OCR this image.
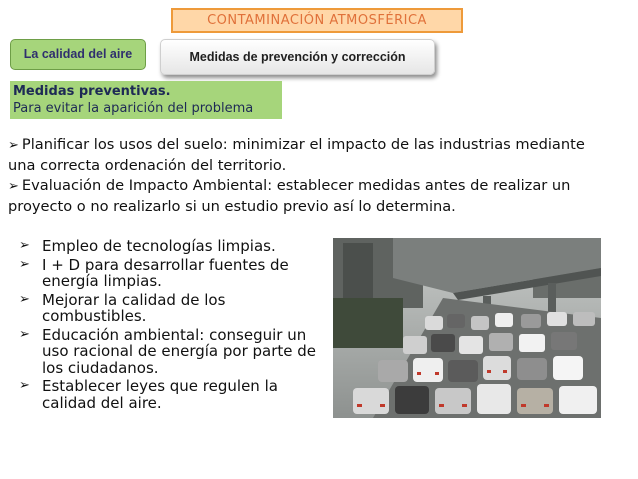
CONTAMINACIÓN ATMOSFÉRICA
La calidad del aire	Medidas de prevención y corrección
Medidas preventivas.
Para evitar la aparición del problema
➢ Planificar los usos del suelo: minimizar el impacto de las industrias mediante una correcta ordenación del territorio.
➢ Evaluación de Impacto Ambiental: establecer medidas antes de realizar un proyecto o no realizarlo si un estudio previo así lo determina.
➢ Empleo de tecnologías limpias.
➢ I + D para desarrollar fuentes de energía limpias.
➢ Mejorar la calidad de los combustibles.
➢ Educación ambiental: conseguir un uso racional de energía por parte de los ciudadanos.
➢ Establecer leyes que regulen la calidad del aire.
